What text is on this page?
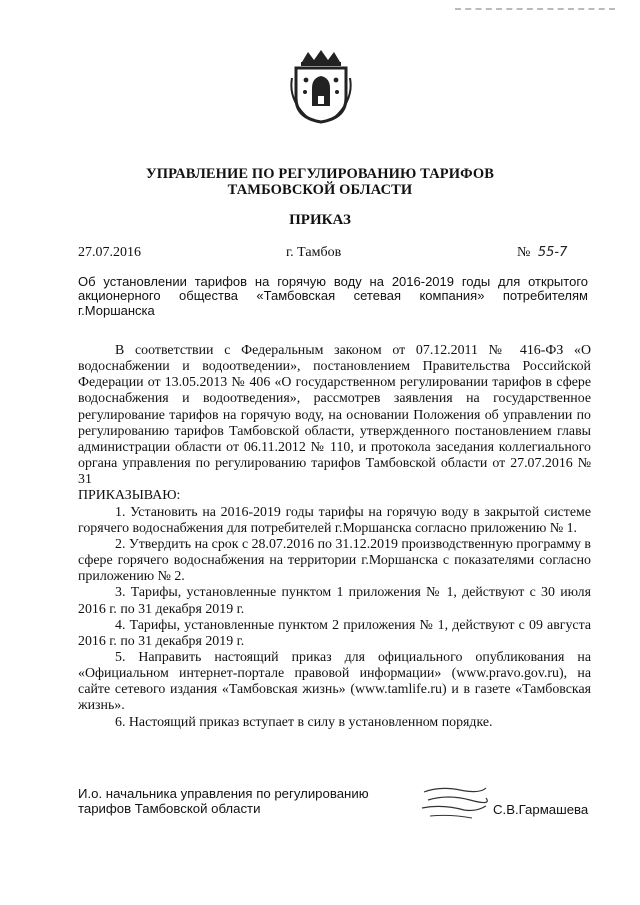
УПРАВЛЕНИЕ ПО РЕГУЛИРОВАНИЮ ТАРИФОВ
ТАМБОВСКОЙ ОБЛАСТИ
ПРИКАЗ
27.07.2016	г. Тамбов	№ 55-7
Об установлении тарифов на горячую воду на 2016-2019 годы для открытого акционерного общества «Тамбовская сетевая компания» потребителям г.Моршанска

В соответствии с Федеральным законом от 07.12.2011 № 416-ФЗ «О водоснабжении и водоотведении», постановлением Правительства Российской Федерации от 13.05.2013 № 406 «О государственном регулировании тарифов в сфере водоснабжения и водоотведения», рассмотрев заявления на государственное регулирование тарифов на горячую воду, на основании Положения об управлении по регулированию тарифов Тамбовской области, утвержденного постановлением главы администрации области от 06.11.2012 № 110, и протокола заседания коллегиального органа управления по регулированию тарифов Тамбовской области от 27.07.2016 № 31

ПРИКАЗЫВАЮ:

1. Установить на 2016-2019 годы тарифы на горячую воду в закрытой системе горячего водоснабжения для потребителей г.Моршанска согласно приложению № 1.

2. Утвердить на срок с 28.07.2016 по 31.12.2019 производственную программу в сфере горячего водоснабжения на территории г.Моршанска с показателями согласно приложению № 2.

3. Тарифы, установленные пунктом 1 приложения № 1, действуют с 30 июля 2016 г. по 31 декабря 2019 г.

4. Тарифы, установленные пунктом 2 приложения № 1, действуют с 09 августа 2016 г. по 31 декабря 2019 г.

5. Направить настоящий приказ для официального опубликования на «Официальном интернет-портале правовой информации» (www.pravo.gov.ru), на сайте сетевого издания «Тамбовская жизнь» (www.tamlife.ru) и в газете «Тамбовская жизнь».

6. Настоящий приказ вступает в силу в установленном порядке.

И.о. начальника управления по регулированию
тарифов Тамбовской области	С.В.Гармашева
